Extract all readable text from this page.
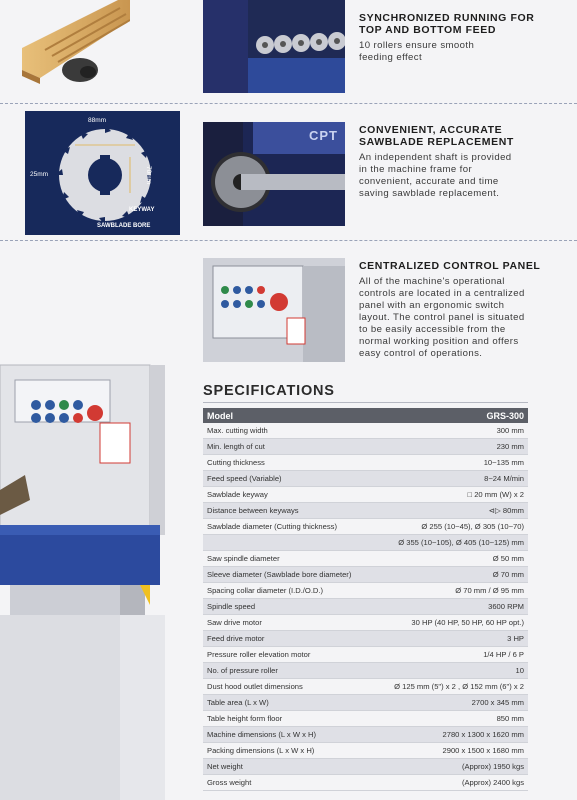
SYNCHRONIZED RUNNING FOR
TOP AND BOTTOM FEED
10 rollers ensure smooth
feeding effect
88mm
25mm	70mm
KEYWAY
SAWBLADE BORE
CPT CONVENIENT, ACCURATE
SAWBLADE REPLACEMENT
An independent shaft is provided
in the machine frame for
convenient, accurate and time
saving sawblade replacement.
CENTRALIZED CONTROL PANEL
All of the machine's operational
controls are located in a centralized
panel with an ergonomic switch
layout. The control panel is situated
to be easily accessible from the
normal working position and offers
easy control of operations.
SPECIFICATIONS
Model	GRS-300
Max. cutting width	300 mm
Min. length of cut	230 mm
Cutting thickness	10~135 mm
Feed speed (Variable)	8~24 M/min
Sawblade keyway	□ 20 mm (W) x 2
Distance between keyways	⊲▷ 80mm
Sawblade diameter (Cutting thickness)	Ø 255 (10~45), Ø 305 (10~70)
	Ø 355 (10~105), Ø 405 (10~125) mm
Saw spindle diameter	Ø 50 mm
Sleeve diameter (Sawblade bore diameter)	Ø 70 mm
Spacing collar diameter (I.D./O.D.)	Ø 70 mm / Ø 95 mm
Spindle speed	3600 RPM
Saw drive motor	30 HP (40 HP, 50 HP, 60 HP opt.)
Feed drive motor	3 HP
Pressure roller elevation motor	1/4 HP / 6 P
No. of pressure roller	10
Dust hood outlet dimensions	Ø 125 mm (5") x 2 , Ø 152 mm (6") x 2
Table area (L x W)	2700 x 345 mm
Table height form floor	850 mm
Machine dimensions (L x W x H)	2780 x 1300 x 1620 mm
Packing dimensions (L x W x H)	2900 x 1500 x 1680 mm
Net weight	(Approx) 1950 kgs
Gross weight	(Approx) 2400 kgs
